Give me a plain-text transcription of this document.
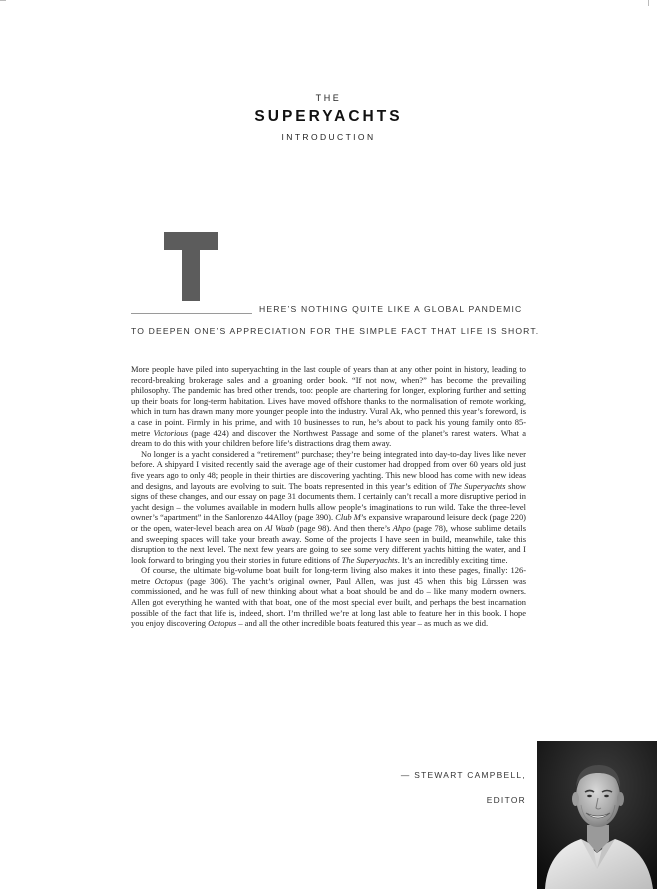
THE
SUPERYACHTS
INTRODUCTION
HERE’S NOTHING QUITE LIKE A GLOBAL PANDEMIC
TO DEEPEN ONE’S APPRECIATION FOR THE SIMPLE FACT THAT LIFE IS SHORT.

More people have piled into superyachting in the last couple of years than at any other point in history, leading to record-breaking brokerage sales and a groaning order book. “If not now, when?” has become the prevailing philosophy. The pandemic has bred other trends, too: people are chartering for longer, exploring further and setting up their boats for long-term habitation. Lives have moved offshore thanks to the normalisation of remote working, which in turn has drawn many more younger people into the industry. Vural Ak, who penned this year’s foreword, is a case in point. Firmly in his prime, and with 10 businesses to run, he’s about to pack his young family onto 85-metre Victorious (page 424) and discover the Northwest Passage and some of the planet’s rarest waters. What a dream to do this with your children before life’s distractions drag them away.

No longer is a yacht considered a “retirement” purchase; they’re being integrated into day-to-day lives like never before. A shipyard I visited recently said the average age of their customer had dropped from over 60 years old just five years ago to only 48; people in their thirties are discovering yachting. This new blood has come with new ideas and designs, and layouts are evolving to suit. The boats represented in this year’s edition of The Superyachts show signs of these changes, and our essay on page 31 documents them. I certainly can’t recall a more disruptive period in yacht design – the volumes available in modern hulls allow people’s imaginations to run wild. Take the three-level owner’s “apartment” in the Sanlorenzo 44Alloy (page 390). Club M’s expansive wraparound leisure deck (page 220) or the open, water-level beach area on Al Waab (page 98). And then there’s Ahpo (page 78), whose sublime details and sweeping spaces will take your breath away. Some of the projects I have seen in build, meanwhile, take this disruption to the next level. The next few years are going to see some very different yachts hitting the water, and I look forward to bringing you their stories in future editions of The Superyachts. It’s an incredibly exciting time.

Of course, the ultimate big-volume boat built for long-term living also makes it into these pages, finally: 126-metre Octopus (page 306). The yacht’s original owner, Paul Allen, was just 45 when this big Lürssen was commissioned, and he was full of new thinking about what a boat should be and do – like many modern owners. Allen got everything he wanted with that boat, one of the most special ever built, and perhaps the best incarnation possible of the fact that life is, indeed, short. I’m thrilled we’re at long last able to feature her in this book. I hope you enjoy discovering Octopus – and all the other incredible boats featured this year – as much as we did.

— STEWART CAMPBELL,
EDITOR
